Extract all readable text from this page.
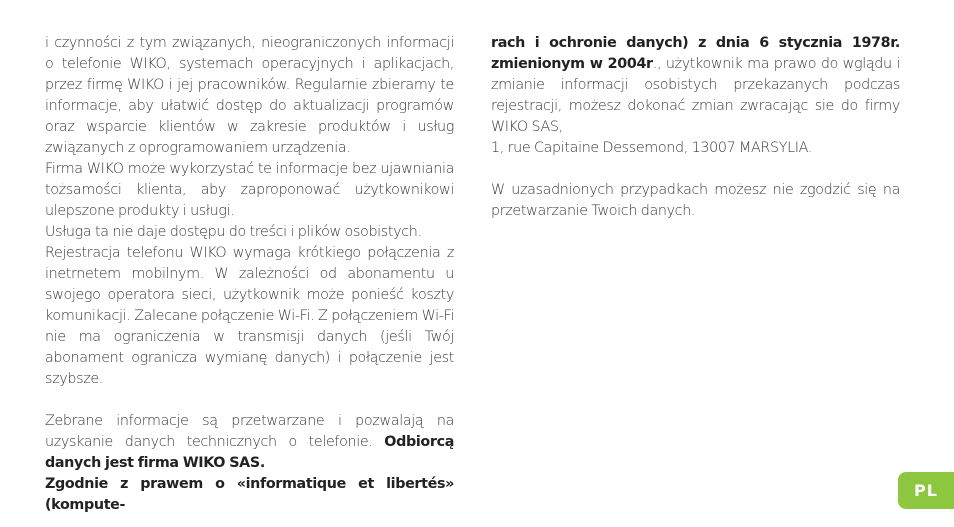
i czynności z tym związanych, nieograniczonych informacji o telefonie WIKO, systemach operacyjnych i aplikacjach, przez firmę WIKO i jej pracowników. Regularnie zbieramy te informacje, aby ułatwić dostęp do aktualizacji programów oraz wsparcie klientów w zakresie produktów i usług związanych z oprogramowaniem urządzenia.

Firma WIKO może wykorzystać te informacje bez ujawniania tożsamości klienta, aby zaproponować użytkownikowi ulepszone produkty i usługi.

Usługa ta nie daje dostępu do treści i plików osobistych.

Rejestracja telefonu WIKO wymaga krótkiego połączenia z inetrnetem mobilnym. W zależności od abonamentu u swojego operatora sieci, użytkownik może ponieść koszty komunikacji. Zalecane połączenie Wi-Fi. Z połączeniem Wi-Fi nie ma ograniczenia w transmisji danych (jeśli Twój abonament ogranicza wymianę danych) i połączenie jest szybsze.

Zebrane informacje są przetwarzane i pozwalają na uzyskanie danych technicznych o telefonie. Odbiorcą danych jest firma WIKO SAS.

Zgodnie z prawem o «informatique et libertés» (kompute-

rach i ochronie danych) z dnia 6 stycznia 1978r. zmienionym w 2004r., użytkownik ma prawo do wglądu i zmianie informacji osobistych przekazanych podczas rejestracji, możesz dokonać zmian zwracając sie do firmy WIKO SAS,

1, rue Capitaine Dessemond, 13007 MARSYLIA.

W uzasadnionych przypadkach możesz nie zgodzić się na przetwarzanie Twoich danych.

PL
